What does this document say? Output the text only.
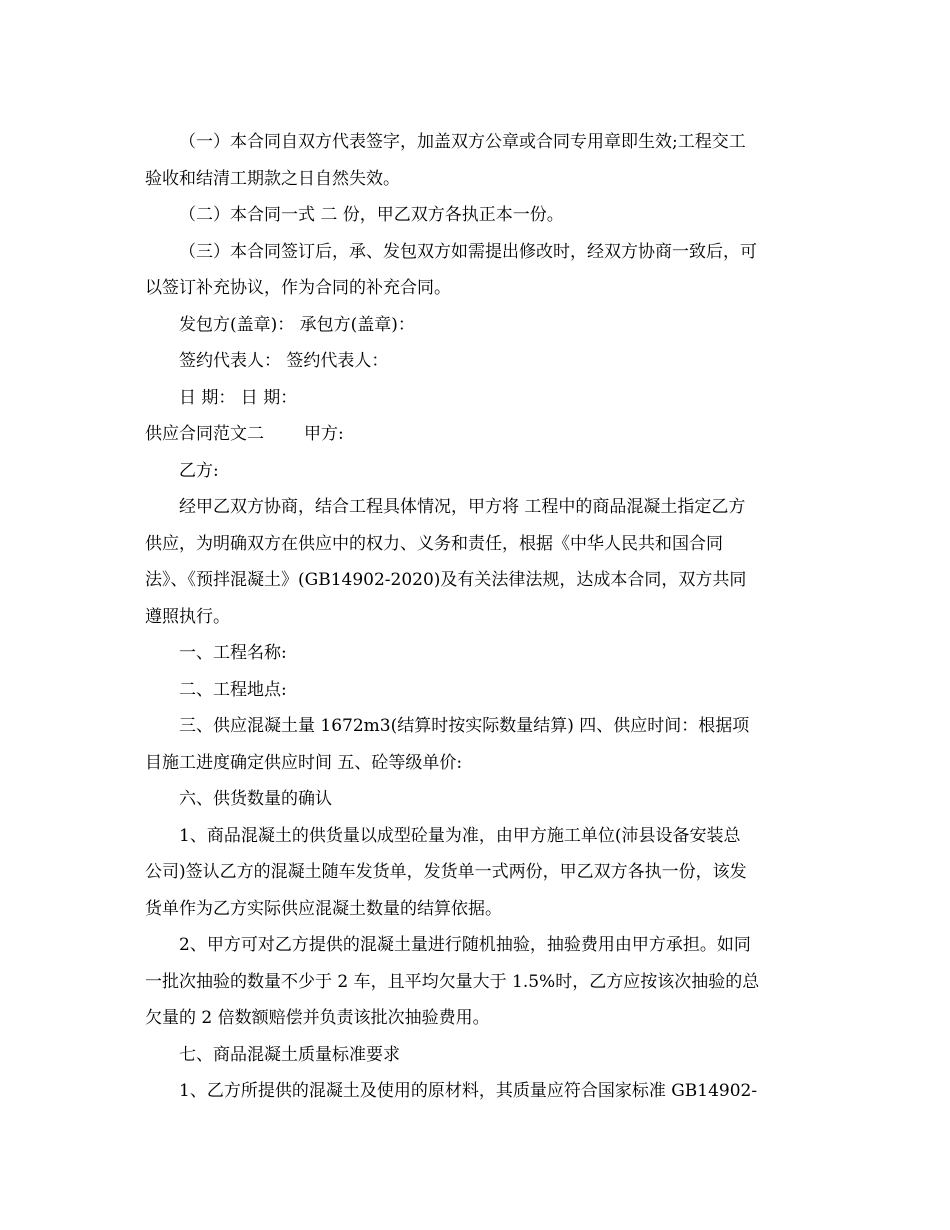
（一）本合同自双方代表签字，加盖双方公章或合同专用章即生效;工程交工
验收和结清工期款之日自然失效。

（二）本合同一式 二 份，甲乙双方各执正本一份。

（三）本合同签订后，承、发包双方如需提出修改时，经双方协商一致后，可
以签订补充协议，作为合同的补充合同。

发包方(盖章)： 承包方(盖章)：

签约代表人： 签约代表人：

日 期： 日 期：

供应合同范文二 甲方:

乙方:

经甲乙双方协商，结合工程具体情况，甲方将 工程中的商品混凝土指定乙方
供应，为明确双方在供应中的权力、义务和责任，根据《中华人民共和国合同
法》、《预拌混凝土》(GB14902-2020)及有关法律法规，达成本合同，双方共同
遵照执行。

一、工程名称:

二、工程地点:

三、供应混凝土量 1672m3(结算时按实际数量结算) 四、供应时间：根据项
目施工进度确定供应时间 五、砼等级单价:

六、供货数量的确认

1、商品混凝土的供货量以成型砼量为准，由甲方施工单位(沛县设备安装总
公司)签认乙方的混凝土随车发货单，发货单一式两份，甲乙双方各执一份，该发
货单作为乙方实际供应混凝土数量的结算依据。

2、甲方可对乙方提供的混凝土量进行随机抽验，抽验费用由甲方承担。如同
一批次抽验的数量不少于 2 车，且平均欠量大于 1.5%时，乙方应按该次抽验的总
欠量的 2 倍数额赔偿并负责该批次抽验费用。

七、商品混凝土质量标准要求

1、乙方所提供的混凝土及使用的原材料，其质量应符合国家标准 GB14902-
